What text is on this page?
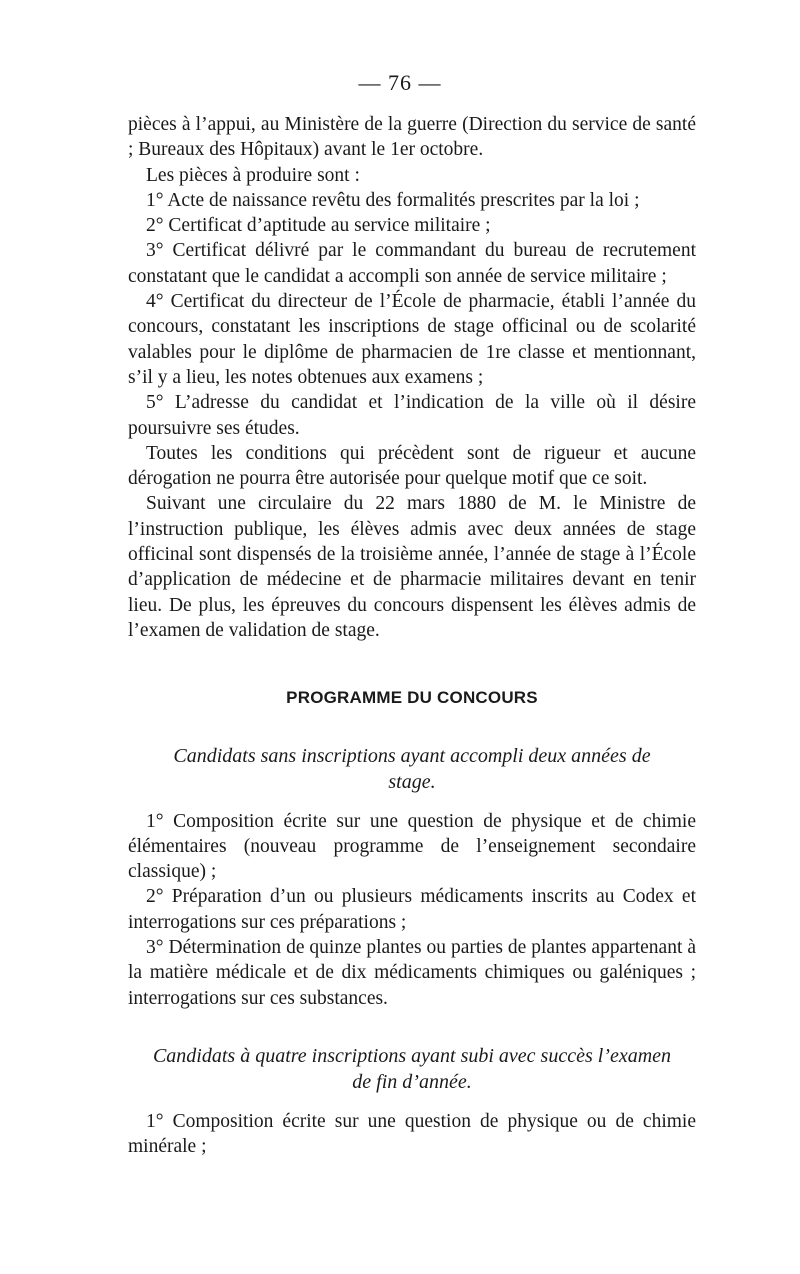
— 76 —

pièces à l’appui, au Ministère de la guerre (Direction du service de santé ; Bureaux des Hôpitaux) avant le 1er octobre.

Les pièces à produire sont :

1° Acte de naissance revêtu des formalités prescrites par la loi ;

2° Certificat d’aptitude au service militaire ;

3° Certificat délivré par le commandant du bureau de recrutement constatant que le candidat a accompli son année de service militaire ;

4° Certificat du directeur de l’École de pharmacie, établi l’année du concours, constatant les inscriptions de stage officinal ou de scolarité valables pour le diplôme de pharmacien de 1re classe et mentionnant, s’il y a lieu, les notes obtenues aux examens ;

5° L’adresse du candidat et l’indication de la ville où il désire poursuivre ses études.

Toutes les conditions qui précèdent sont de rigueur et aucune dérogation ne pourra être autorisée pour quelque motif que ce soit.

Suivant une circulaire du 22 mars 1880 de M. le Ministre de l’instruction publique, les élèves admis avec deux années de stage officinal sont dispensés de la troisième année, l’année de stage à l’École d’application de médecine et de pharmacie militaires devant en tenir lieu. De plus, les épreuves du concours dispensent les élèves admis de l’examen de validation de stage.

PROGRAMME DU CONCOURS

Candidats sans inscriptions ayant accompli deux années de stage.

1° Composition écrite sur une question de physique et de chimie élémentaires (nouveau programme de l’enseignement secondaire classique) ;

2° Préparation d’un ou plusieurs médicaments inscrits au Codex et interrogations sur ces préparations ;

3° Détermination de quinze plantes ou parties de plantes appartenant à la matière médicale et de dix médicaments chimiques ou galéniques ; interrogations sur ces substances.

Candidats à quatre inscriptions ayant subi avec succès l’examen de fin d’année.

1° Composition écrite sur une question de physique ou de chimie minérale ;
